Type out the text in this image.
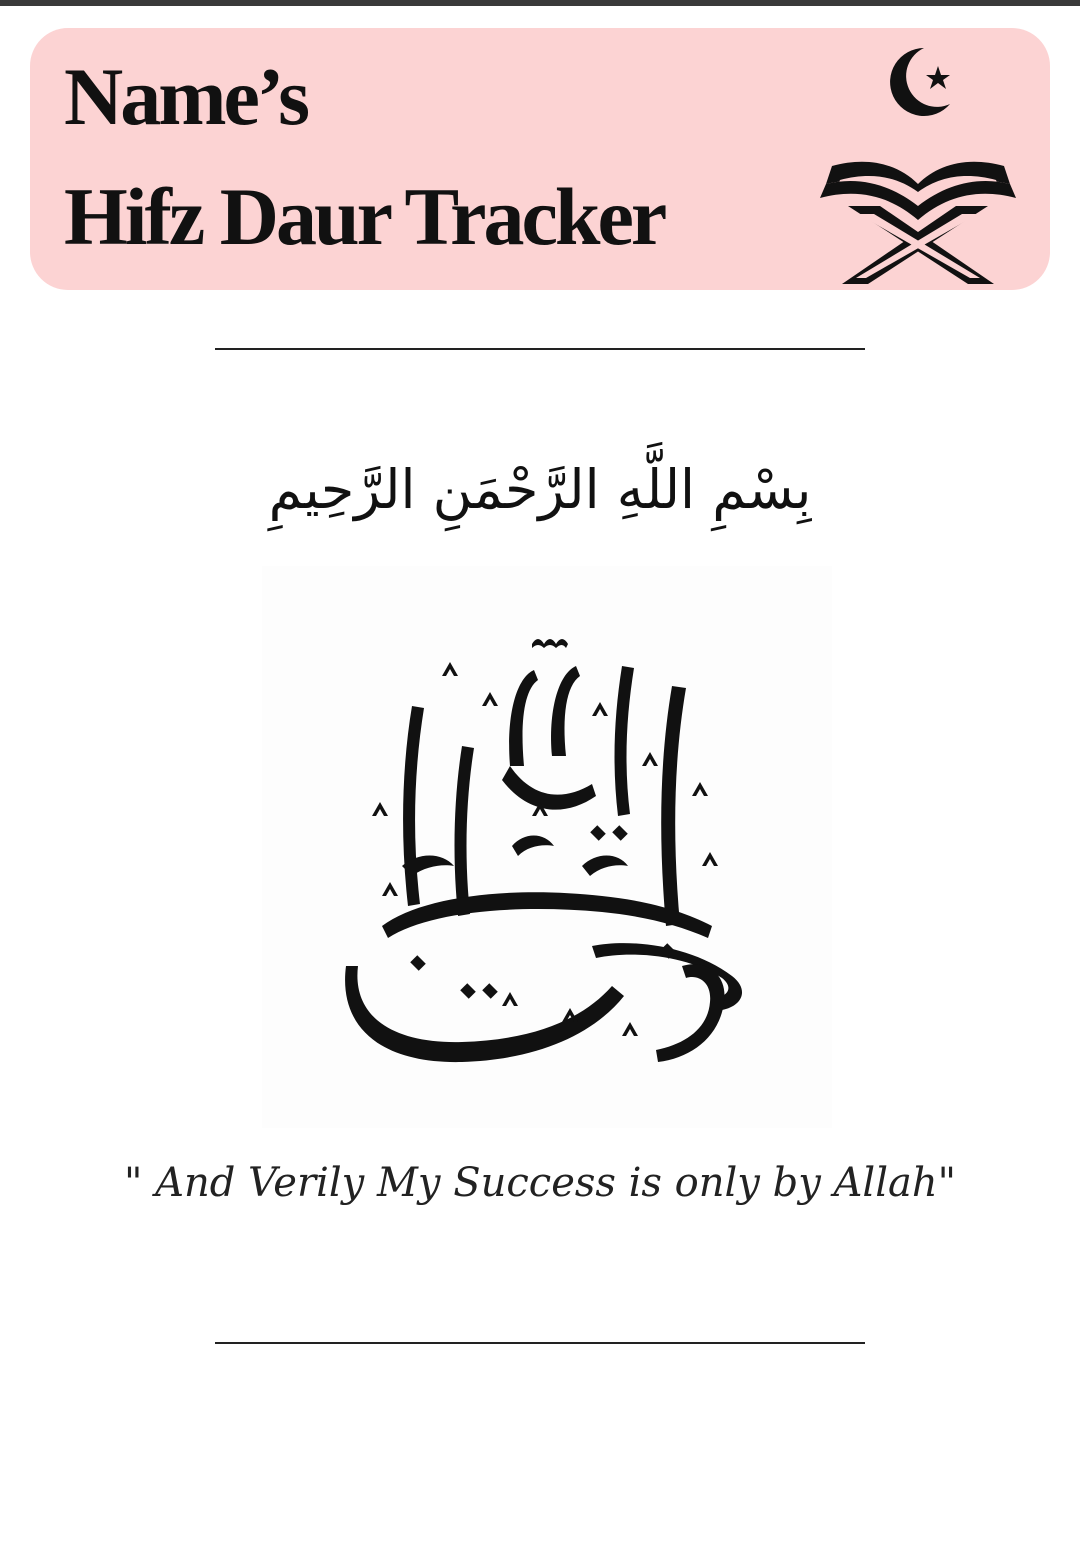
Name’s
Hifz Daur Tracker
بِسْمِ اللَّهِ الرَّحْمَنِ الرَّحِيمِ
" And Verily My Success is only by Allah"
